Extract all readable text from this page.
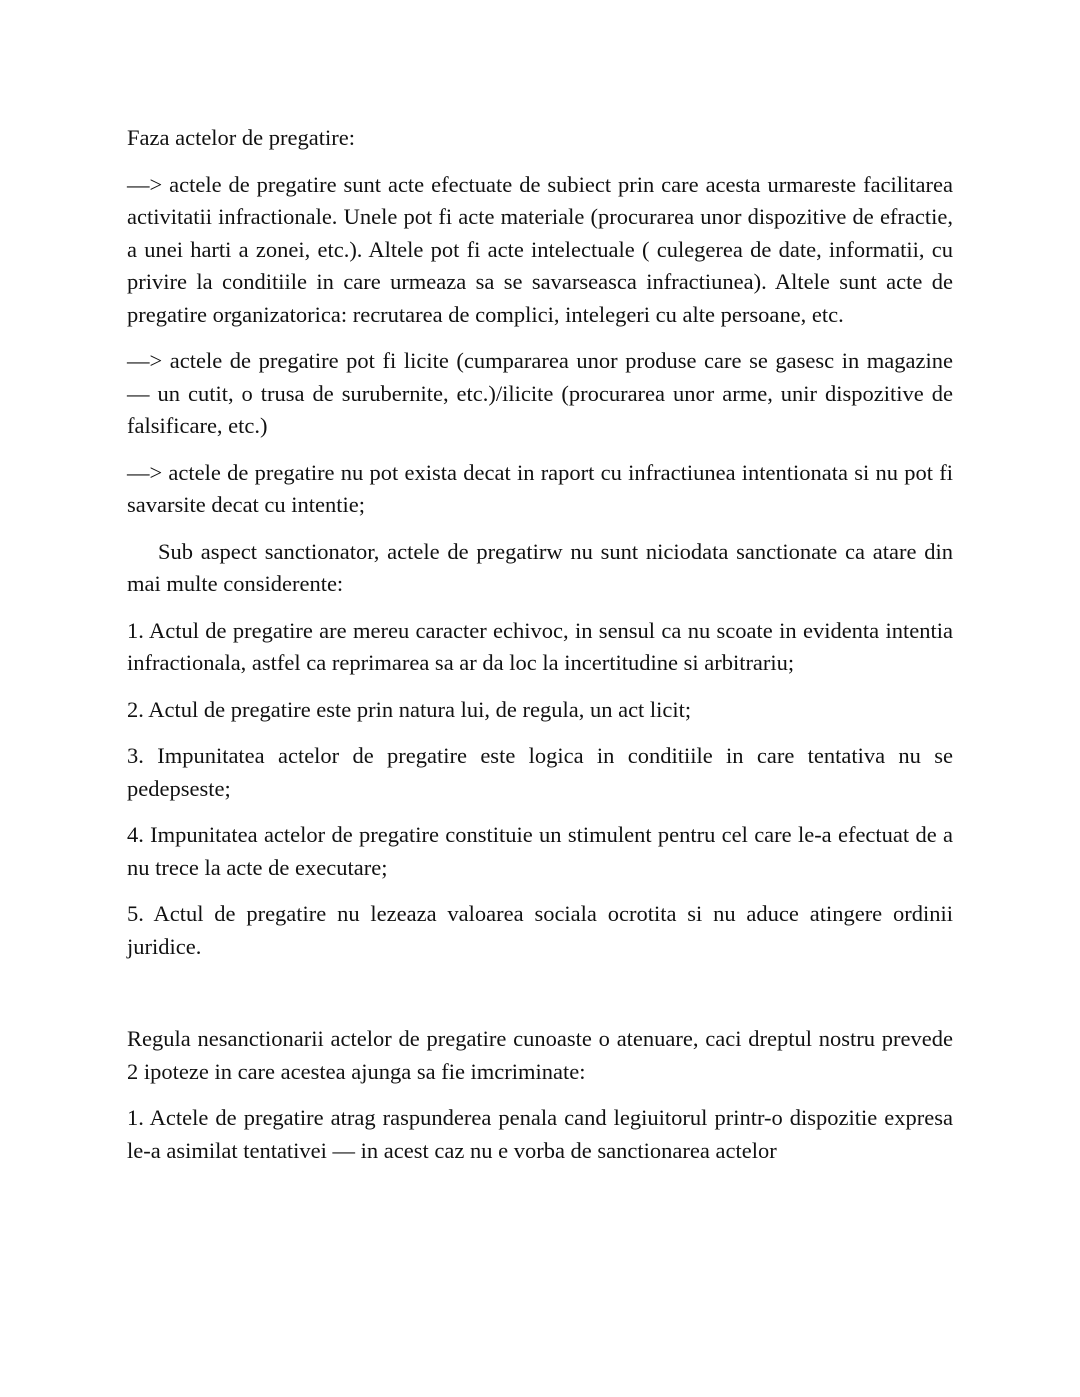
Faza actelor de pregatire:

—> actele de pregatire sunt acte efectuate de subiect prin care acesta urmareste facilitarea activitatii infractionale. Unele pot fi acte materiale (procurarea unor dispozitive de efractie, a unei harti a zonei, etc.). Altele pot fi acte intelectuale ( culegerea de date, informatii, cu privire la conditiile in care urmeaza sa se savarseasca infractiunea). Altele sunt acte de pregatire organizatorica: recrutarea de complici, intelegeri cu alte persoane, etc.

—> actele de pregatire pot fi licite (cumpararea unor produse care se gasesc in magazine — un cutit, o trusa de surubernite, etc.)/ilicite (procurarea unor arme, unir dispozitive de falsificare, etc.)

—> actele de pregatire nu pot exista decat in raport cu infractiunea intentionata si nu pot fi savarsite decat cu intentie;

Sub aspect sanctionator, actele de pregatirw nu sunt niciodata sanctionate ca atare din mai multe considerente:

1. Actul de pregatire are mereu caracter echivoc, in sensul ca nu scoate in evidenta intentia infractionala, astfel ca reprimarea sa ar da loc la incertitudine si arbitrariu;

2. Actul de pregatire este prin natura lui, de regula, un act licit;

3. Impunitatea actelor de pregatire este logica in conditiile in care tentativa nu se pedepseste;

4. Impunitatea actelor de pregatire constituie un stimulent pentru cel care le-a efectuat de a nu trece la acte de executare;

5. Actul de pregatire nu lezeaza valoarea sociala ocrotita si nu aduce atingere ordinii juridice.

Regula nesanctionarii actelor de pregatire cunoaste o atenuare, caci dreptul nostru prevede 2 ipoteze in care acestea ajunga sa fie imcriminate:

1. Actele de pregatire atrag raspunderea penala cand legiuitorul printr-o dispozitie expresa le-a asimilat tentativei — in acest caz nu e vorba de sanctionarea actelor
